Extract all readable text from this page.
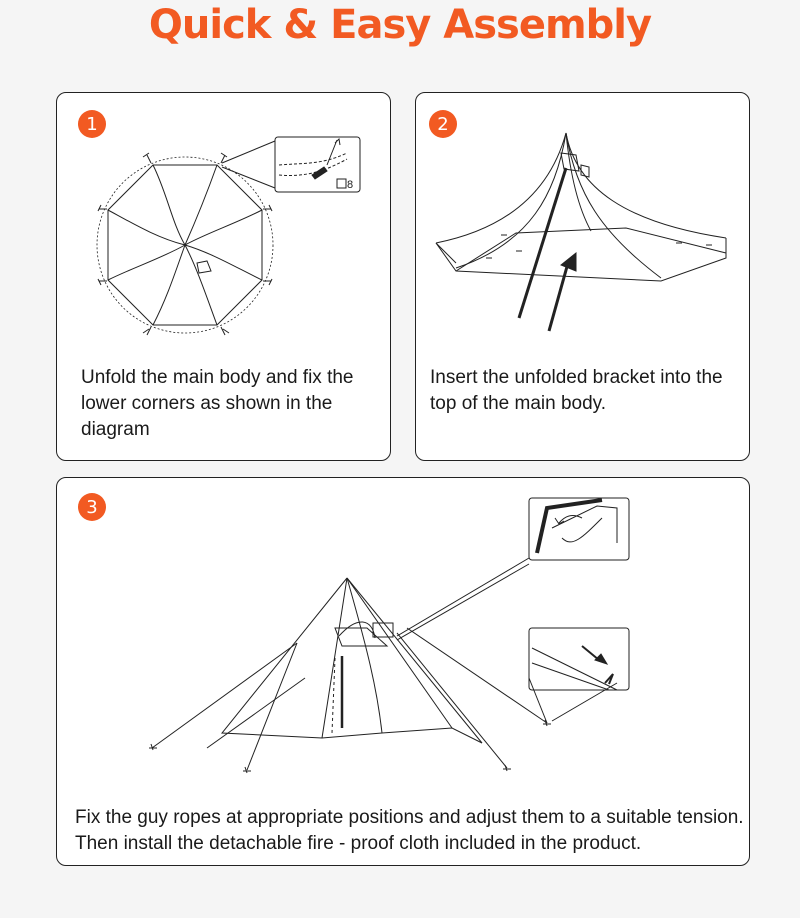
Quick & Easy Assembly
1
8
Unfold the main body and fix the lower corners as shown in the diagram
2
Insert the unfolded bracket into the top of the main body.
3
Fix the guy ropes at appropriate positions and adjust them to a suitable tension. Then install the detachable fire - proof cloth included in the product.
